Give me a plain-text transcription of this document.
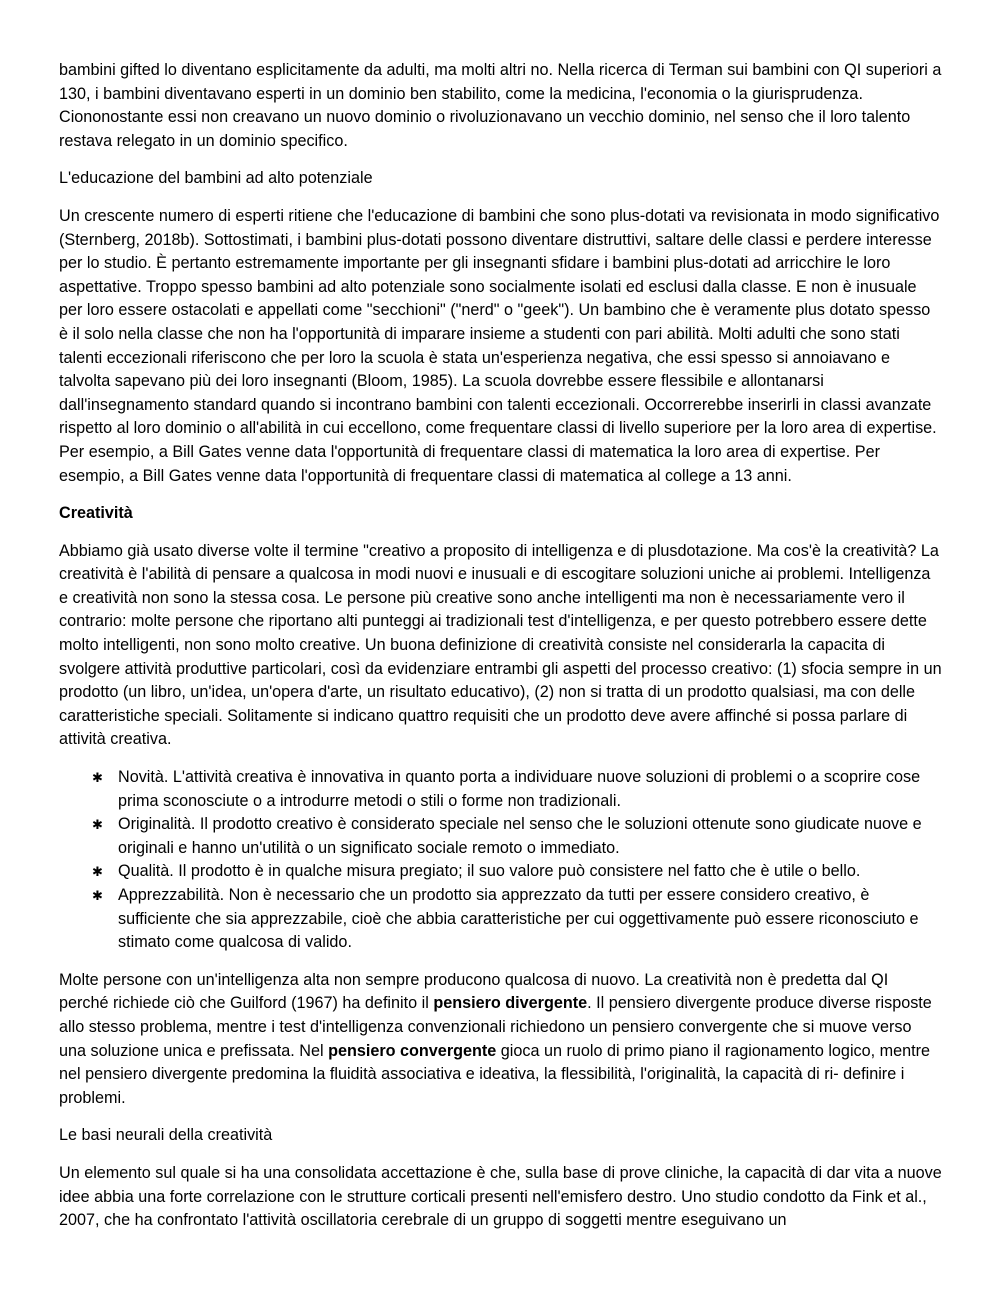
bambini gifted lo diventano esplicitamente da adulti, ma molti altri no. Nella ricerca di Terman sui bambini con QI superiori a 130, i bambini diventavano esperti in un dominio ben stabilito, come la medicina, l'economia o la giurisprudenza. Ciononostante essi non creavano un nuovo dominio o rivoluzionavano un vecchio dominio, nel senso che il loro talento restava relegato in un dominio specifico.

L'educazione del bambini ad alto potenziale

Un crescente numero di esperti ritiene che l'educazione di bambini che sono plus-dotati va revisionata in modo significativo (Sternberg, 2018b). Sottostimati, i bambini plus-dotati possono diventare distruttivi, saltare delle classi e perdere interesse per lo studio. È pertanto estremamente importante per gli insegnanti sfidare i bambini plus-dotati ad arricchire le loro aspettative. Troppo spesso bambini ad alto potenziale sono socialmente isolati ed esclusi dalla classe. E non è inusuale per loro essere ostacolati e appellati come "secchioni" ("nerd" o "geek"). Un bambino che è veramente plus dotato spesso è il solo nella classe che non ha l'opportunità di imparare insieme a studenti con pari abilità. Molti adulti che sono stati talenti eccezionali riferiscono che per loro la scuola è stata un'esperienza negativa, che essi spesso si annoiavano e talvolta sapevano più dei loro insegnanti (Bloom, 1985). La scuola dovrebbe essere flessibile e allontanarsi dall'insegnamento standard quando si incontrano bambini con talenti eccezionali. Occorrerebbe inserirli in classi avanzate rispetto al loro dominio o all'abilità in cui eccellono, come frequentare classi di livello superiore per la loro area di expertise. Per esempio, a Bill Gates venne data l'opportunità di frequentare classi di matematica la loro area di expertise. Per esempio, a Bill Gates venne data l'opportunità di frequentare classi di matematica al college a 13 anni.

Creatività

Abbiamo già usato diverse volte il termine "creativo a proposito di intelligenza e di plusdotazione. Ma cos'è la creatività? La creatività è l'abilità di pensare a qualcosa in modi nuovi e inusuali e di escogitare soluzioni uniche ai problemi. Intelligenza e creatività non sono la stessa cosa. Le persone più creative sono anche intelligenti ma non è necessariamente vero il contrario: molte persone che riportano alti punteggi ai tradizionali test d'intelligenza, e per questo potrebbero essere dette molto intelligenti, non sono molto creative. Un buona definizione di creatività consiste nel considerarla la capacita di svolgere attività produttive particolari, così da evidenziare entrambi gli aspetti del processo creativo: (1) sfocia sempre in un prodotto (un libro, un'idea, un'opera d'arte, un risultato educativo), (2) non si tratta di un prodotto qualsiasi, ma con delle caratteristiche speciali. Solitamente si indicano quattro requisiti che un prodotto deve avere affinché si possa parlare di attività creativa.

✱ Novità. L'attività creativa è innovativa in quanto porta a individuare nuove soluzioni di problemi o a scoprire cose prima sconosciute o a introdurre metodi o stili o forme non tradizionali.
✱ Originalità. Il prodotto creativo è considerato speciale nel senso che le soluzioni ottenute sono giudicate nuove e originali e hanno un'utilità o un significato sociale remoto o immediato.
✱ Qualità. Il prodotto è in qualche misura pregiato; il suo valore può consistere nel fatto che è utile o bello.
✱ Apprezzabilità. Non è necessario che un prodotto sia apprezzato da tutti per essere considero creativo, è sufficiente che sia apprezzabile, cioè che abbia caratteristiche per cui oggettivamente può essere riconosciuto e stimato come qualcosa di valido.

Molte persone con un'intelligenza alta non sempre producono qualcosa di nuovo. La creatività non è predetta dal QI perché richiede ciò che Guilford (1967) ha definito il pensiero divergente. Il pensiero divergente produce diverse risposte allo stesso problema, mentre i test d'intelligenza convenzionali richiedono un pensiero convergente che si muove verso una soluzione unica e prefissata. Nel pensiero convergente gioca un ruolo di primo piano il ragionamento logico, mentre nel pensiero divergente predomina la fluidità associativa e ideativa, la flessibilità, l'originalità, la capacità di ri- definire i problemi.

Le basi neurali della creatività

Un elemento sul quale si ha una consolidata accettazione è che, sulla base di prove cliniche, la capacità di dar vita a nuove idee abbia una forte correlazione con le strutture corticali presenti nell'emisfero destro. Uno studio condotto da Fink et al., 2007, che ha confrontato l'attività oscillatoria cerebrale di un gruppo di soggetti mentre eseguivano un
